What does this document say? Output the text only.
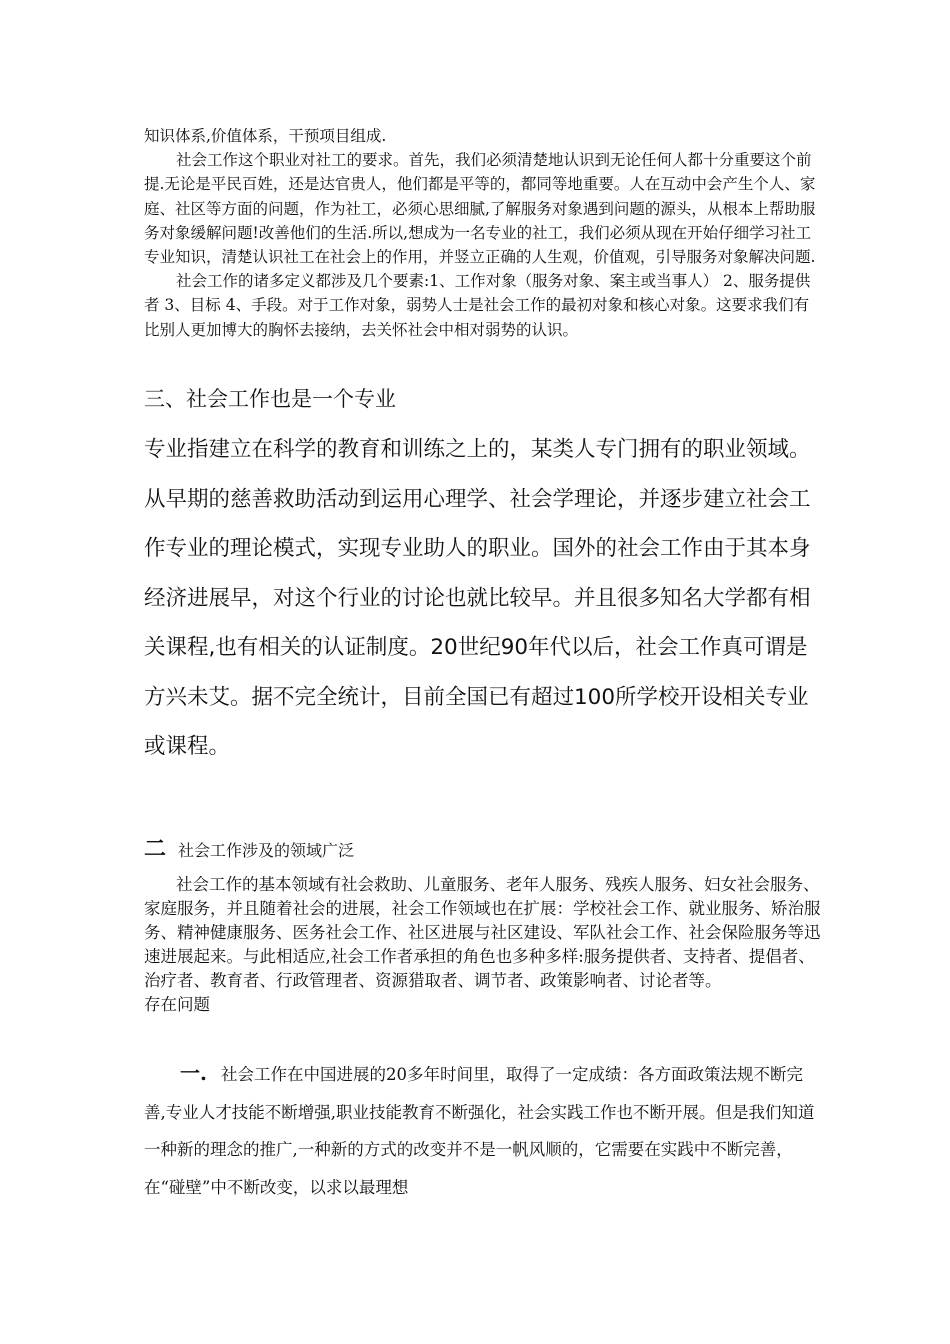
知识体系,价值体系，干预项目组成.

社会工作这个职业对社工的要求。首先，我们必须清楚地认识到无论任何人都十分重要这个前提.无论是平民百姓，还是达官贵人，他们都是平等的，都同等地重要。人在互动中会产生个人、家庭、社区等方面的问题，作为社工，必须心思细腻,了解服务对象遇到问题的源头，从根本上帮助服务对象缓解问题!改善他们的生活.所以,想成为一名专业的社工，我们必须从现在开始仔细学习社工专业知识，清楚认识社工在社会上的作用，并竖立正确的人生观，价值观，引导服务对象解决问题.

社会工作的诸多定义都涉及几个要素:1、工作对象（服务对象、案主或当事人） 2、服务提供者 3、目标 4、手段。对于工作对象，弱势人士是社会工作的最初对象和核心对象。这要求我们有比别人更加博大的胸怀去接纳，去关怀社会中相对弱势的认识。

三、社会工作也是一个专业

专业指建立在科学的教育和训练之上的，某类人专门拥有的职业领域。

从早期的慈善救助活动到运用心理学、社会学理论，并逐步建立社会工作专业的理论模式，实现专业助人的职业。国外的社会工作由于其本身经济进展早，对这个行业的讨论也就比较早。并且很多知名大学都有相关课程,也有相关的认证制度。20世纪90年代以后，社会工作真可谓是方兴未艾。据不完全统计，目前全国已有超过100所学校开设相关专业或课程。

二 社会工作涉及的领域广泛

社会工作的基本领域有社会救助、儿童服务、老年人服务、残疾人服务、妇女社会服务、家庭服务，并且随着社会的进展，社会工作领域也在扩展：学校社会工作、就业服务、矫治服务、精神健康服务、医务社会工作、社区进展与社区建设、军队社会工作、社会保险服务等迅速进展起来。与此相适应,社会工作者承担的角色也多种多样:服务提供者、支持者、提倡者、治疗者、教育者、行政管理者、资源猎取者、调节者、政策影响者、讨论者等。

存在问题

一. 社会工作在中国进展的20多年时间里，取得了一定成绩：各方面政策法规不断完善,专业人才技能不断增强,职业技能教育不断强化，社会实践工作也不断开展。但是我们知道一种新的理念的推广,一种新的方式的改变并不是一帆风顺的，它需要在实践中不断完善，在“碰壁”中不断改变，以求以最理想
